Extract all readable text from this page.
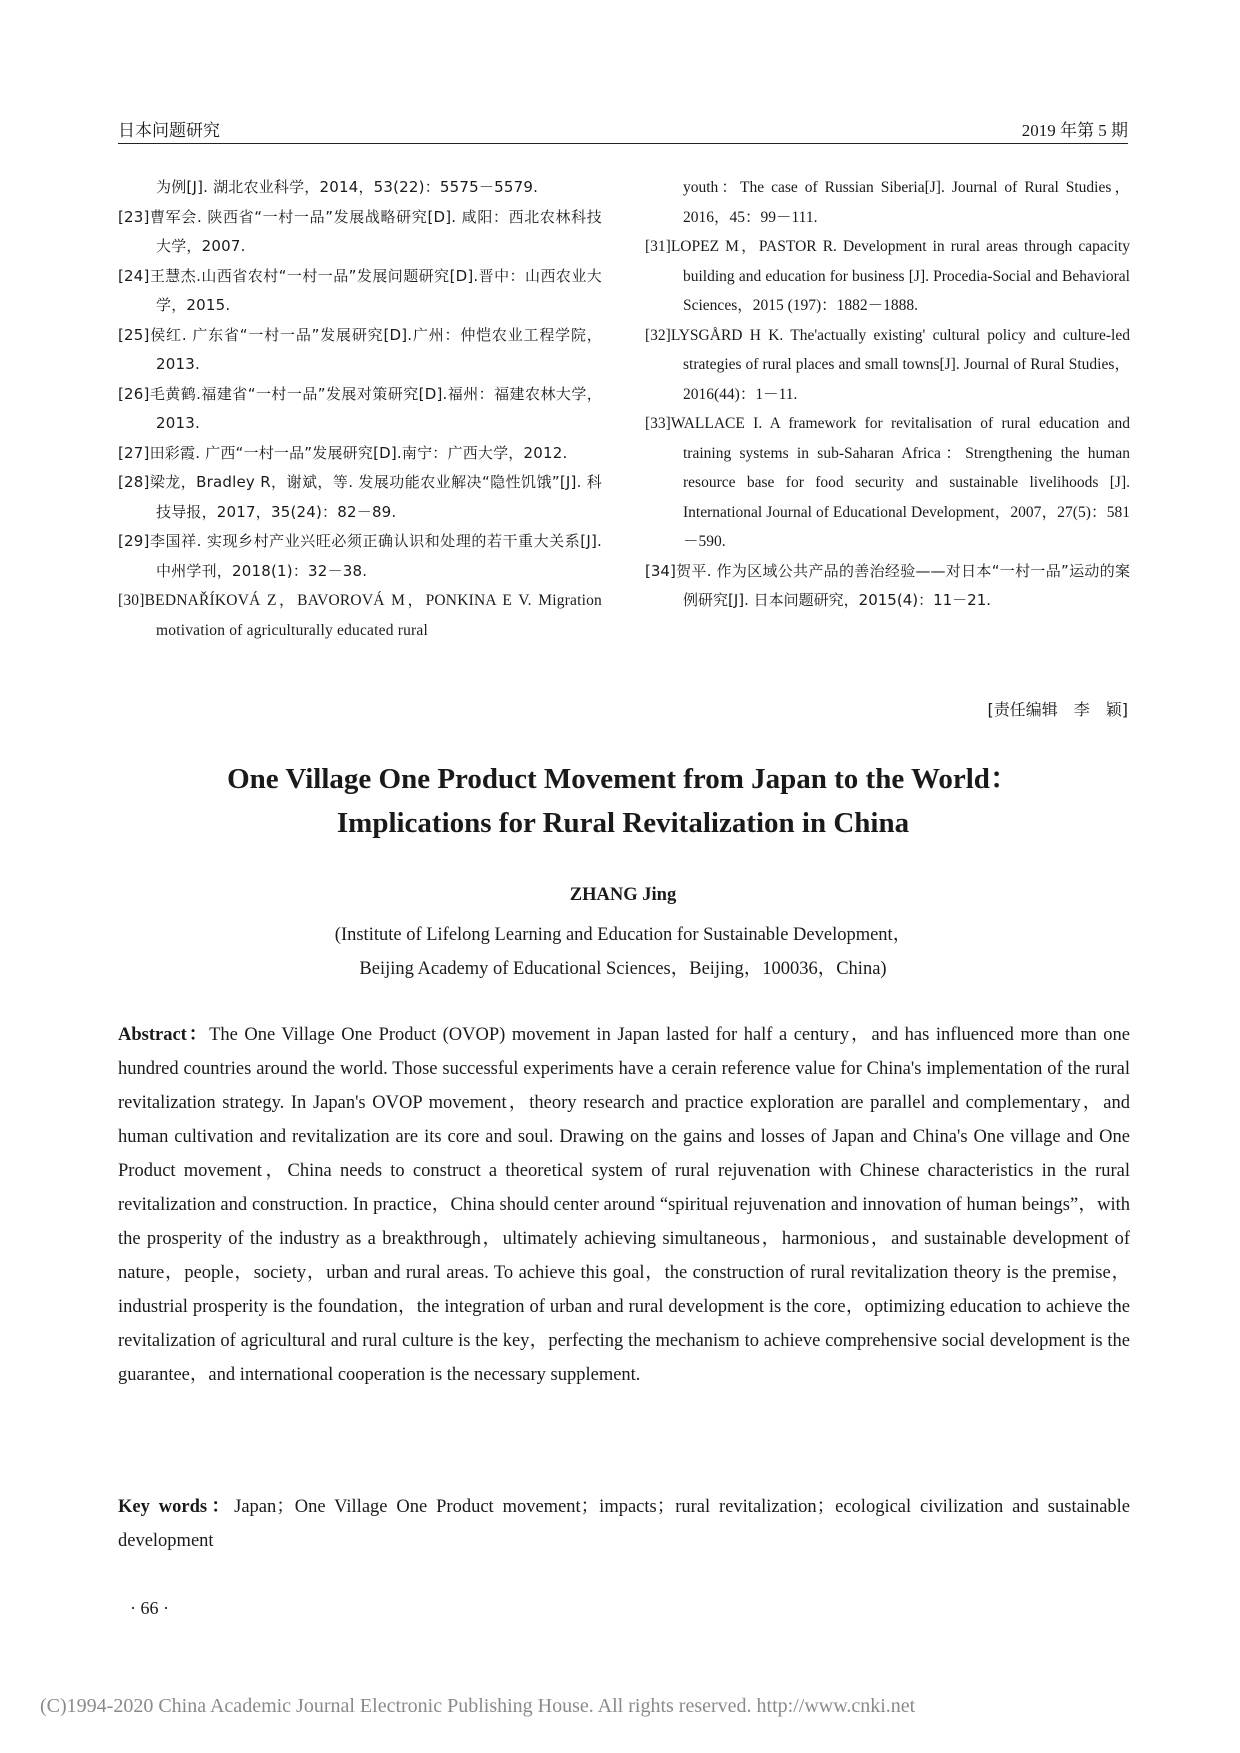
日本问题研究	2019 年第 5 期
为例[J]. 湖北农业科学，2014，53(22)：5575－5579.
[23]曹军会. 陕西省“一村一品”发展战略研究[D]. 咸阳：西北农林科技大学，2007.
[24]王慧杰.山西省农村“一村一品”发展问题研究[D].晋中：山西农业大学，2015.
[25]侯红. 广东省“一村一品”发展研究[D].广州：仲恺农业工程学院，2013.
[26]毛黄鹤.福建省“一村一品”发展对策研究[D].福州：福建农林大学，2013.
[27]田彩霞. 广西“一村一品”发展研究[D].南宁：广西大学，2012.
[28]梁龙，Bradley R，谢斌，等. 发展功能农业解决“隐性饥饿”[J]. 科技导报，2017，35(24)：82－89.
[29]李国祥. 实现乡村产业兴旺必须正确认识和处理的若干重大关系[J]. 中州学刊，2018(1)：32－38.
[30]BEDNAŘÍKOVÁ Z，BAVOROVÁ M，PONKINA E V. Migration motivation of agriculturally educated rural
youth：The case of Russian Siberia[J]. Journal of Rural Studies，2016，45：99－111.
[31]LOPEZ M，PASTOR R. Development in rural areas through capacity building and education for business [J]. Procedia-Social and Behavioral Sciences，2015 (197)：1882－1888.
[32]LYSGÅRD H K. The'actually existing' cultural policy and culture-led strategies of rural places and small towns[J]. Journal of Rural Studies，2016(44)：1－11.
[33]WALLACE I. A framework for revitalisation of rural education and training systems in sub-Saharan Africa：Strengthening the human resource base for food security and sustainable livelihoods [J]. International Journal of Educational Development，2007，27(5)：581－590.
[34]贺平. 作为区域公共产品的善治经验——对日本“一村一品”运动的案例研究[J]. 日本问题研究，2015(4)：11－21.
[责任编辑　李　颖]
One Village One Product Movement from Japan to the World：
Implications for Rural Revitalization in China
ZHANG Jing
(Institute of Lifelong Learning and Education for Sustainable Development，
Beijing Academy of Educational Sciences，Beijing，100036，China)
Abstract：The One Village One Product (OVOP) movement in Japan lasted for half a century，and has influenced more than one hundred countries around the world. Those successful experiments have a cerain reference value for China's implementation of the rural revitalization strategy. In Japan's OVOP movement，theory research and practice exploration are parallel and complementary，and human cultivation and revitalization are its core and soul. Drawing on the gains and losses of Japan and China's One village and One Product movement，China needs to construct a theoretical system of rural rejuvenation with Chinese characteristics in the rural revitalization and construction. In practice，China should center around “spiritual rejuvenation and innovation of human beings”，with the prosperity of the industry as a breakthrough，ultimately achieving simultaneous，harmonious，and sustainable development of nature，people，society，urban and rural areas. To achieve this goal，the construction of rural revitalization theory is the premise，industrial prosperity is the foundation，the integration of urban and rural development is the core，optimizing education to achieve the revitalization of agricultural and rural culture is the key，perfecting the mechanism to achieve comprehensive social development is the guarantee，and international cooperation is the necessary supplement.
Key words：Japan；One Village One Product movement；impacts；rural revitalization；ecological civilization and sustainable development
· 66 ·
(C)1994-2020 China Academic Journal Electronic Publishing House. All rights reserved. http://www.cnki.net
